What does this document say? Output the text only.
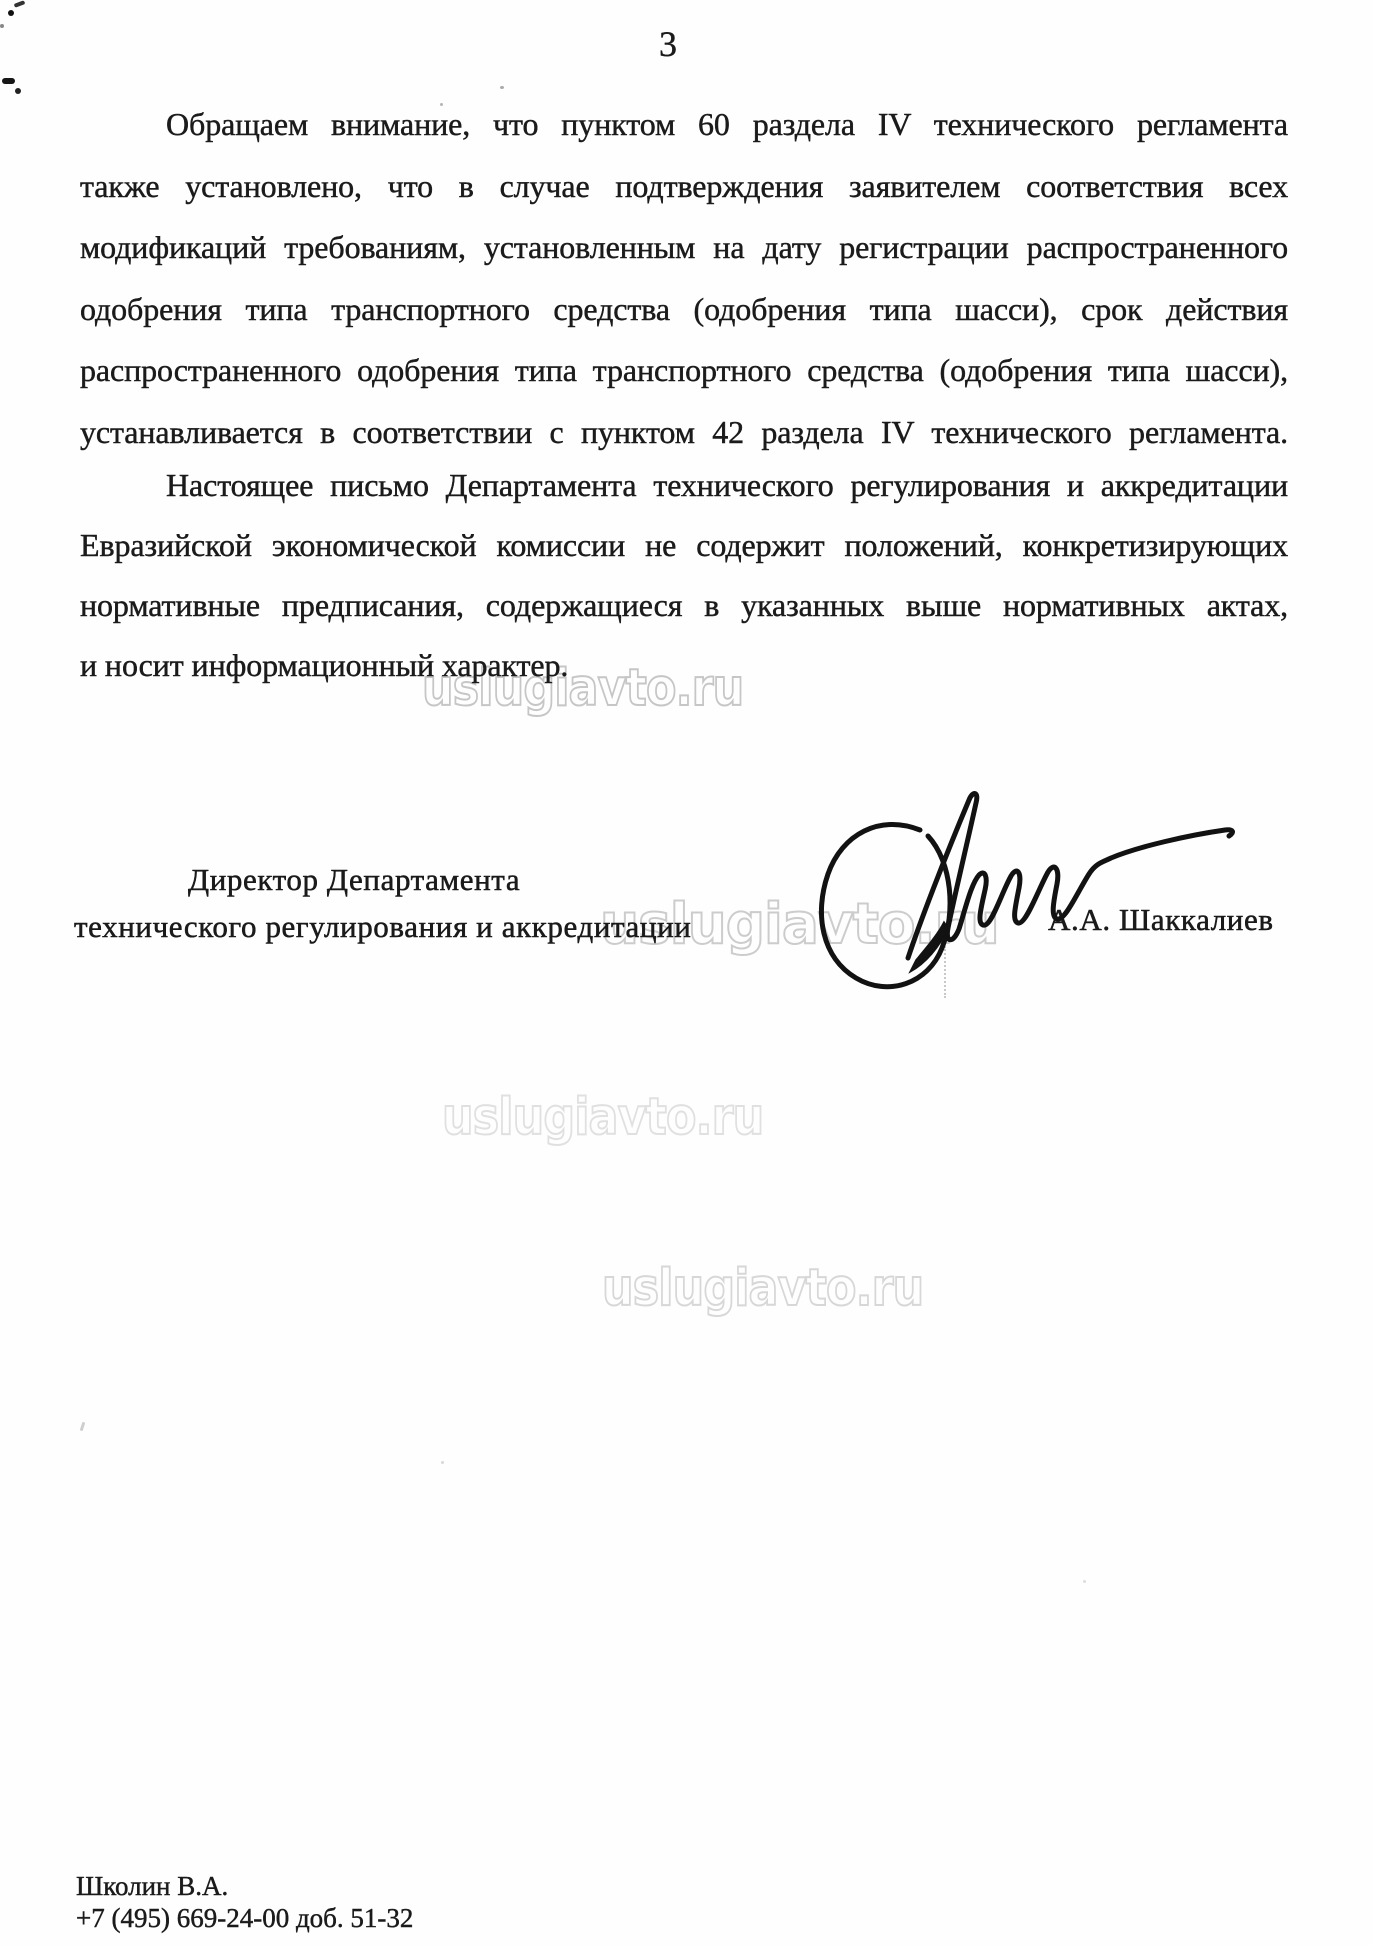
3
uslugiavto.ru
uslugiavto.ru
uslugiavto.ru
uslugiavto.ru
Обращаем внимание, что пунктом 60 раздела IV технического регламента
также установлено, что в случае подтверждения заявителем соответствия всех
модификаций требованиям, установленным на дату регистрации распространенного
одобрения типа транспортного средства (одобрения типа шасси), срок действия
распространенного одобрения типа транспортного средства (одобрения типа шасси),
устанавливается в соответствии с пунктом 42 раздела IV технического регламента.
Настоящее письмо Департамента технического регулирования и аккредитации
Евразийской экономической комиссии не содержит положений, конкретизирующих
нормативные предписания, содержащиеся в указанных выше нормативных актах,
и носит информационный характер.
Директор Департамента
технического регулирования и аккредитации	А.А. Шаккалиев
Школин В.А.
+7 (495) 669-24-00 доб. 51-32
